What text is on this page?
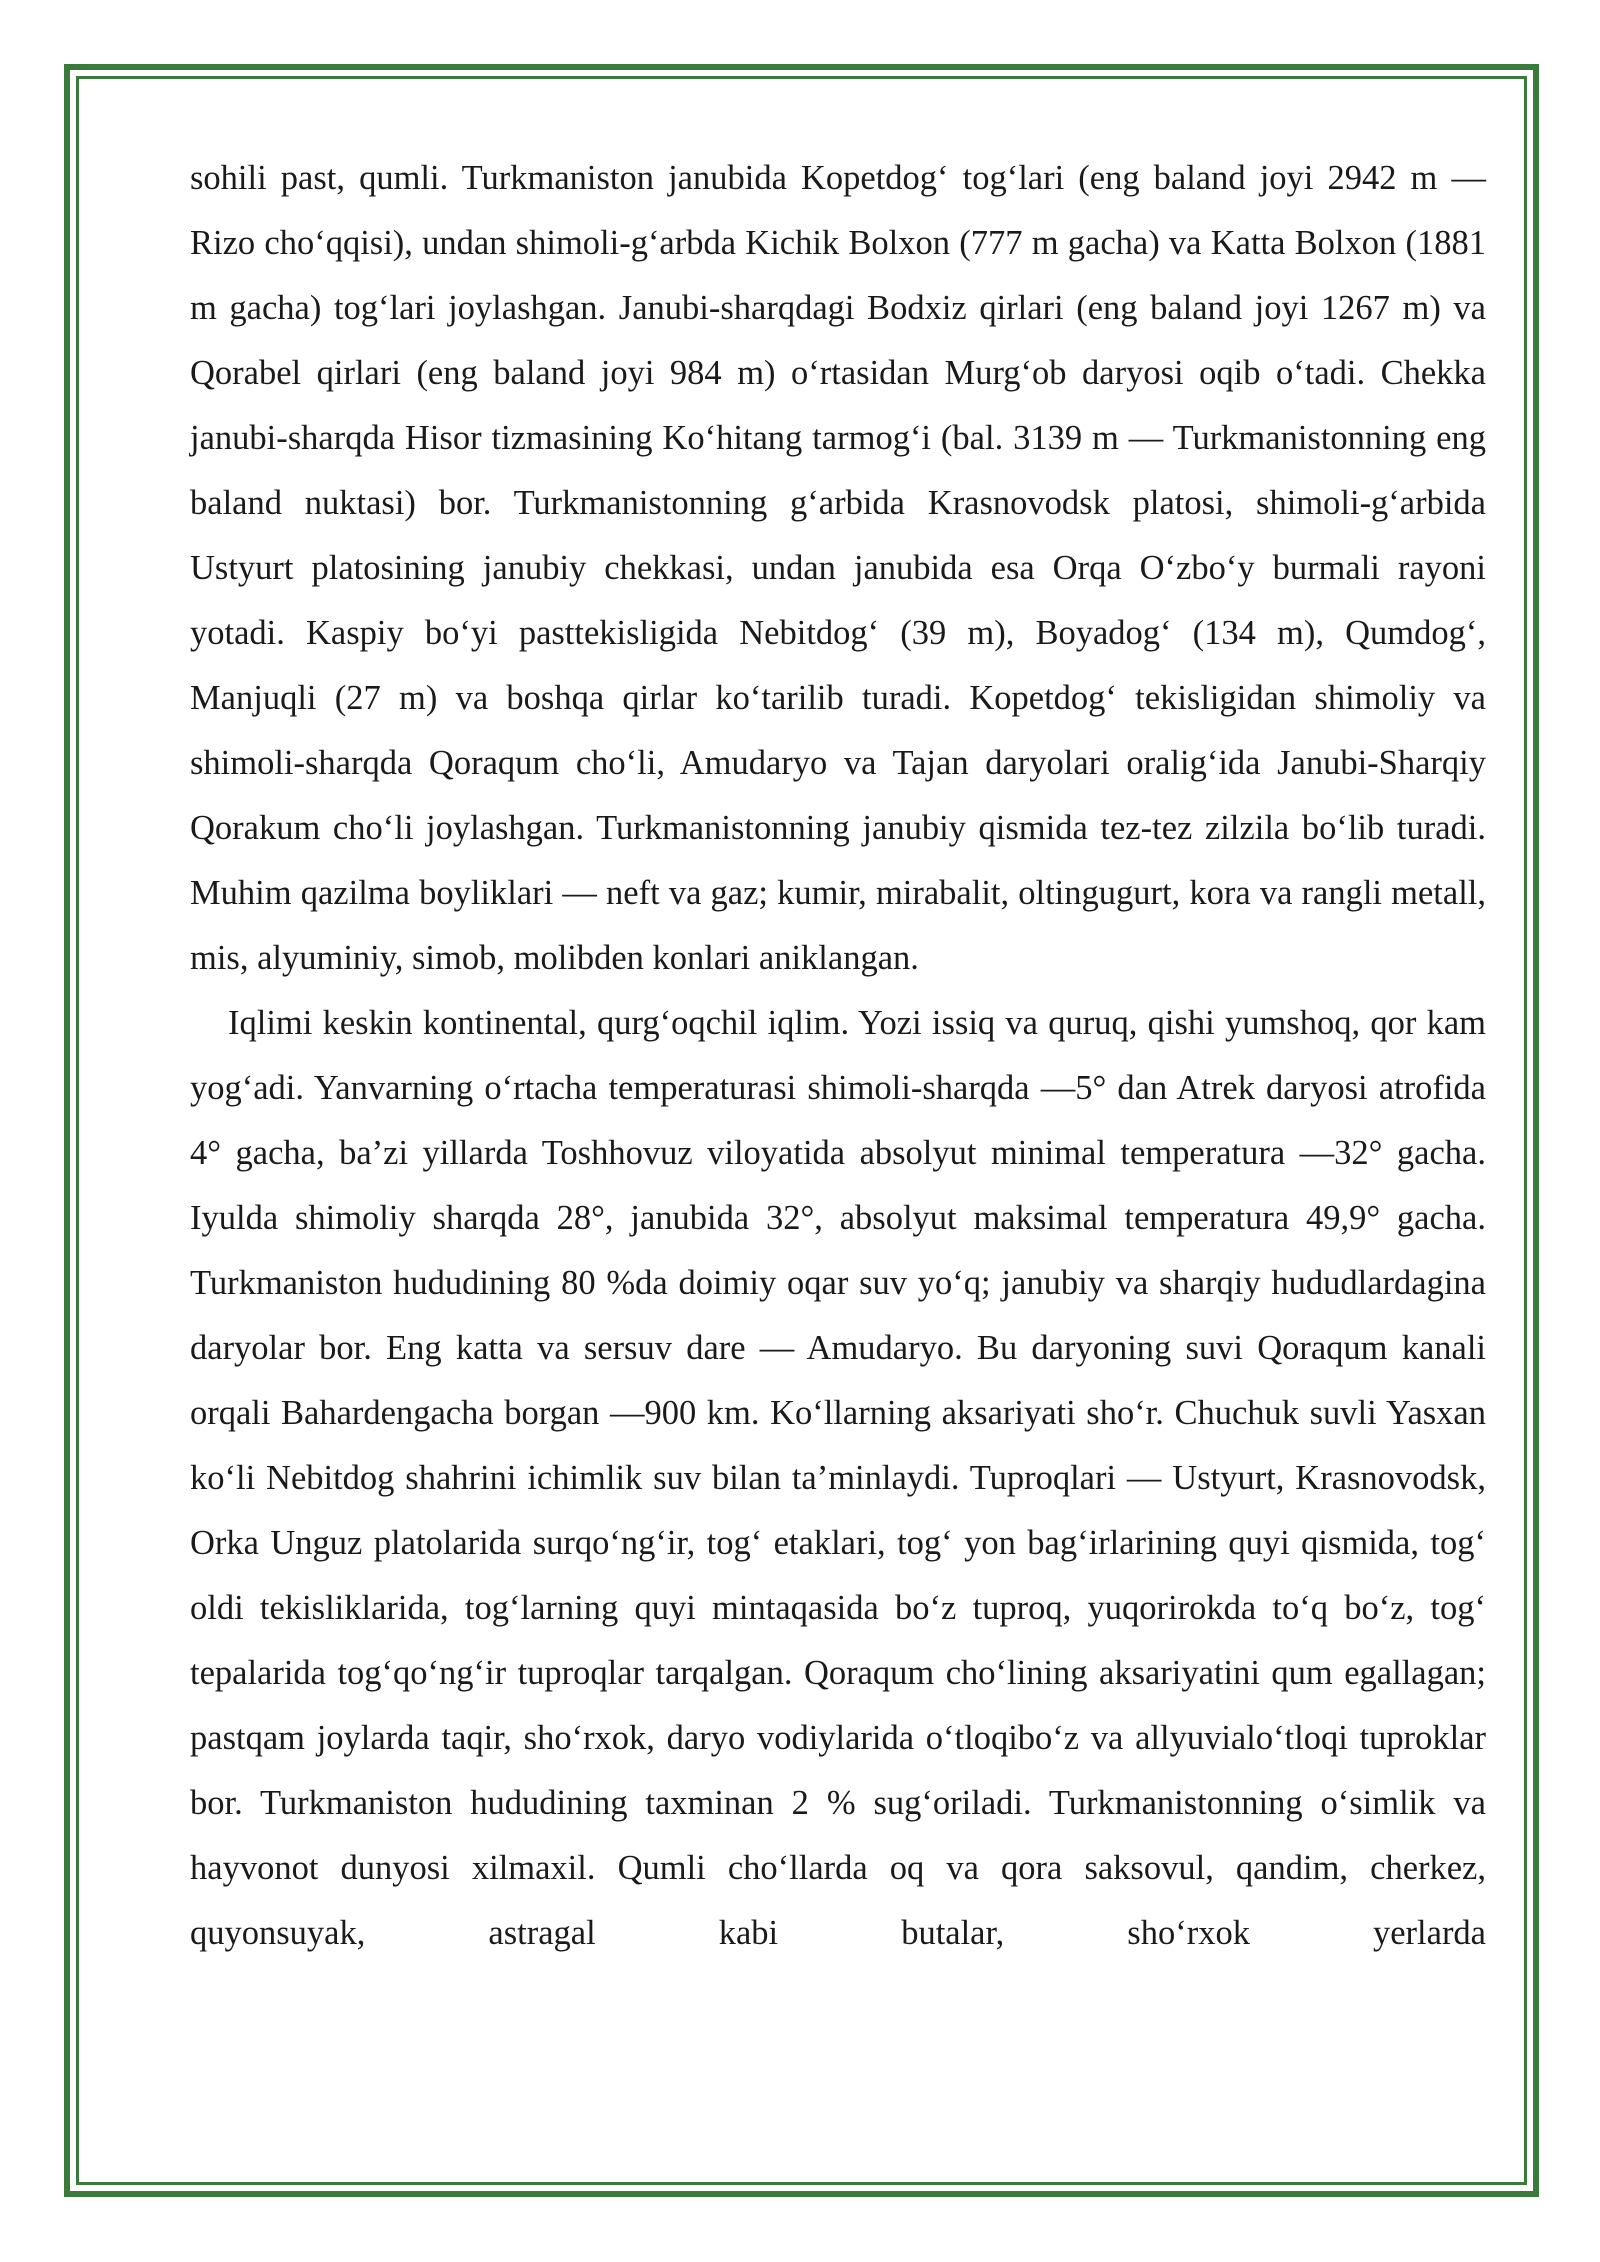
sohili past, qumli. Turkmaniston janubida Kopetdog‘ tog‘lari (eng baland joyi 2942 m — Rizo cho‘qqisi), undan shimoli-g‘arbda Kichik Bolxon (777 m gacha) va Katta Bolxon (1881 m gacha) tog‘lari joylashgan. Janubi-sharqdagi Bodxiz qirlari (eng baland joyi 1267 m) va Qorabel qirlari (eng baland joyi 984 m) o‘rtasidan Murg‘ob daryosi oqib o‘tadi. Chekka janubi-sharqda Hisor tizmasining Ko‘hitang tarmog‘i (bal. 3139 m — Turkmanistonning eng baland nuktasi) bor. Turkmanistonning g‘arbida Krasnovodsk platosi, shimoli-g‘arbida Ustyurt platosining janubiy chekkasi, undan janubida esa Orqa O‘zbo‘y burmali rayoni yotadi. Kaspiy bo‘yi pasttekisligida Nebitdog‘ (39 m), Boyadog‘ (134 m), Qumdog‘, Manjuqli (27 m) va boshqa qirlar ko‘tarilib turadi. Kopetdog‘ tekisligidan shimoliy va shimoli-sharqda Qoraqum cho‘li, Amudaryo va Tajan daryolari oralig‘ida Janubi-Sharqiy Qorakum cho‘li joylashgan. Turkmanistonning janubiy qismida tez-tez zilzila bo‘lib turadi. Muhim qazilma boyliklari — neft va gaz; kumir, mirabalit, oltingugurt, kora va rangli metall, mis, alyuminiy, simob, molibden konlari aniklangan.

Iqlimi keskin kontinental, qurg‘oqchil iqlim. Yozi issiq va quruq, qishi yumshoq, qor kam yog‘adi. Yanvarning o‘rtacha temperaturasi shimoli-sharqda —5° dan Atrek daryosi atrofida 4° gacha, ba’zi yillarda Toshhovuz viloyatida absolyut minimal temperatura —32° gacha. Iyulda shimoliy sharqda 28°, janubida 32°, absolyut maksimal temperatura 49,9° gacha. Turkmaniston hududining 80 %da doimiy oqar suv yo‘q; janubiy va sharqiy hududlardagina daryolar bor. Eng katta va sersuv dare — Amudaryo. Bu daryoning suvi Qoraqum kanali orqali Bahardengacha borgan —900 km. Ko‘llarning aksariyati sho‘r. Chuchuk suvli Yasxan ko‘li Nebitdog shahrini ichimlik suv bilan ta’minlaydi. Tuproqlari — Ustyurt, Krasnovodsk, Orka Unguz platolarida surqo‘ng‘ir, tog‘ etaklari, tog‘ yon bag‘irlarining quyi qismida, tog‘ oldi tekisliklarida, tog‘larning quyi mintaqasida bo‘z tuproq, yuqorirokda to‘q bo‘z, tog‘ tepalarida tog‘qo‘ng‘ir tuproqlar tarqalgan. Qoraqum cho‘lining aksariyatini qum egallagan; pastqam joylarda taqir, sho‘rxok, daryo vodiylarida o‘tloqibo‘z va allyuvialo‘tloqi tuproklar bor. Turkmaniston hududining taxminan 2 % sug‘oriladi. Turkmanistonning o‘simlik va hayvonot dunyosi xilmaxil. Qumli cho‘llarda oq va qora saksovul, qandim, cherkez, quyonsuyak, astragal kabi butalar, sho‘rxok yerlarda
